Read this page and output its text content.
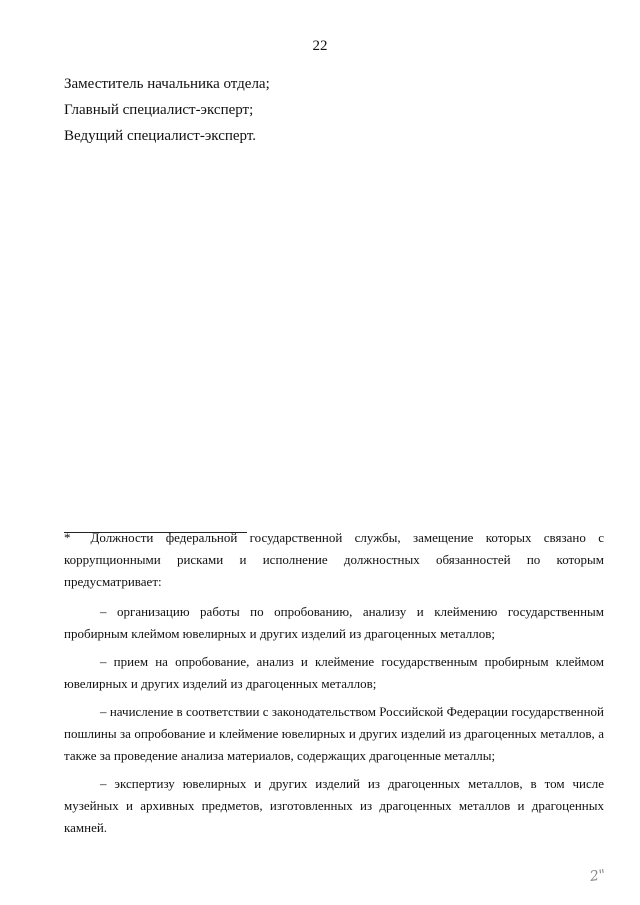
22
Заместитель начальника отдела;
Главный специалист-эксперт;
Ведущий специалист-эксперт.

* Должности федеральной государственной службы, замещение которых связано с коррупционными рисками и исполнение должностных обязанностей по которым предусматривает:

– организацию работы по опробованию, анализу и клеймению государственным пробирным клеймом ювелирных и других изделий из драгоценных металлов;

– прием на опробование, анализ и клеймение государственным пробирным клеймом ювелирных и других изделий из драгоценных металлов;

– начисление в соответствии с законодательством Российской Федерации государственной пошлины за опробование и клеймение ювелирных и других изделий из драгоценных металлов, а также за проведение анализа материалов, содержащих драгоценные металлы;

– экспертизу ювелирных и других изделий из драгоценных металлов, в том числе музейных и архивных предметов, изготовленных из драгоценных металлов и драгоценных камней.

2"
